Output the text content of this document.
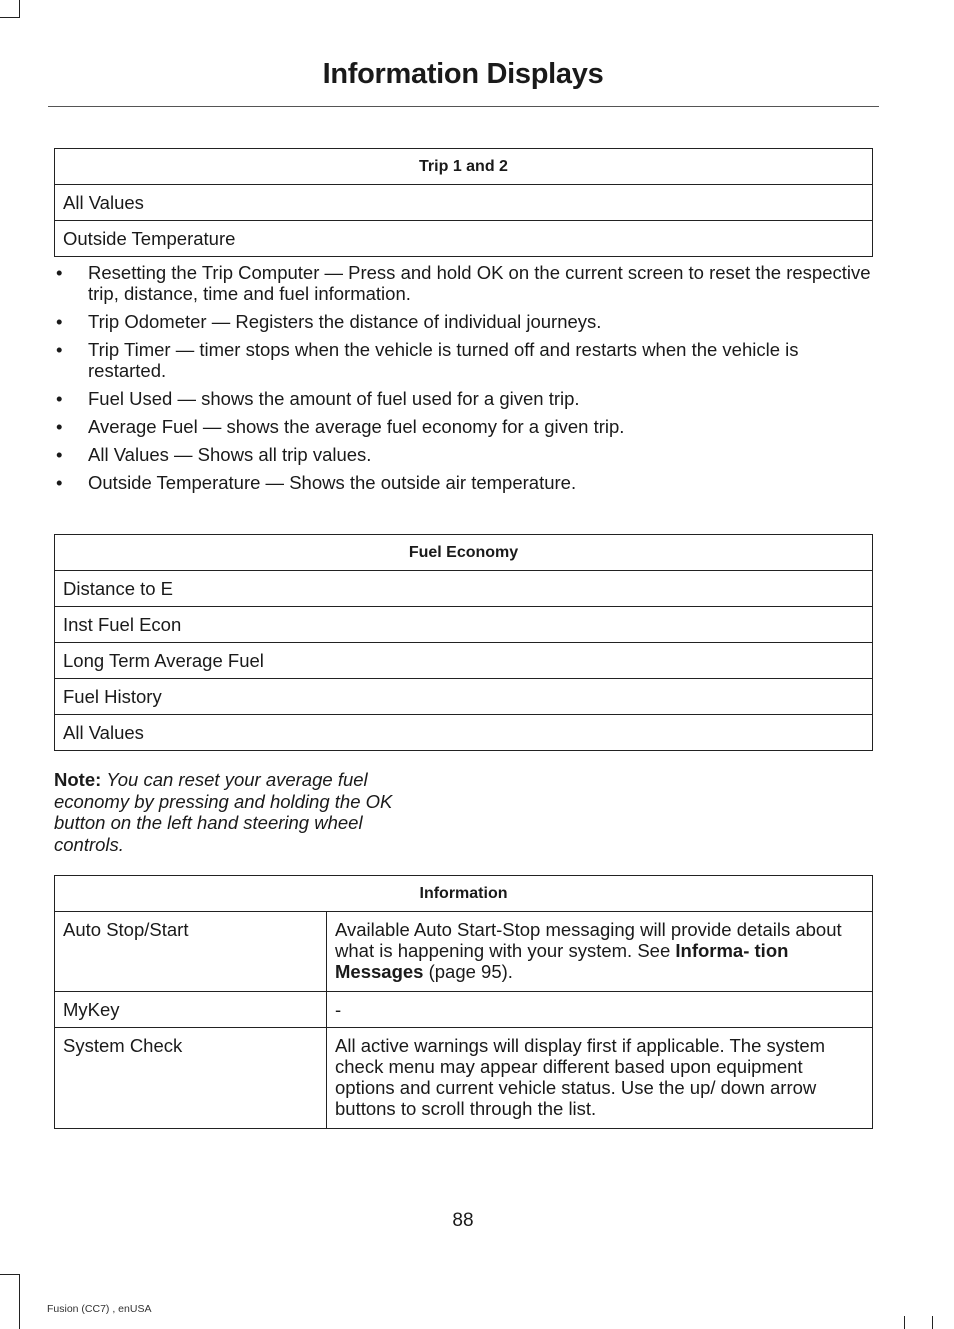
Information Displays
Trip 1 and 2
All Values
Outside Temperature
• Resetting the Trip Computer — Press and hold OK on the current screen to reset the respective trip, distance, time and fuel information.
• Trip Odometer — Registers the distance of individual journeys.
• Trip Timer — timer stops when the vehicle is turned off and restarts when the vehicle is restarted.
• Fuel Used — shows the amount of fuel used for a given trip.
• Average Fuel — shows the average fuel economy for a given trip.
• All Values — Shows all trip values.
• Outside Temperature — Shows the outside air temperature.
Fuel Economy
Distance to E
Inst Fuel Econ
Long Term Average Fuel
Fuel History
All Values
Note: You can reset your average fuel economy by pressing and holding the OK button on the left hand steering wheel controls.
Information	
Auto Stop/Start	Available Auto Start-Stop messaging will provide details about what is happening with your system. See Informa- tion Messages (page 95).
MyKey	-
System Check	All active warnings will display first if applicable. The system check menu may appear different based upon equipment options and current vehicle status. Use the up/ down arrow buttons to scroll through the list.
88
Fusion (CC7) , enUSA
